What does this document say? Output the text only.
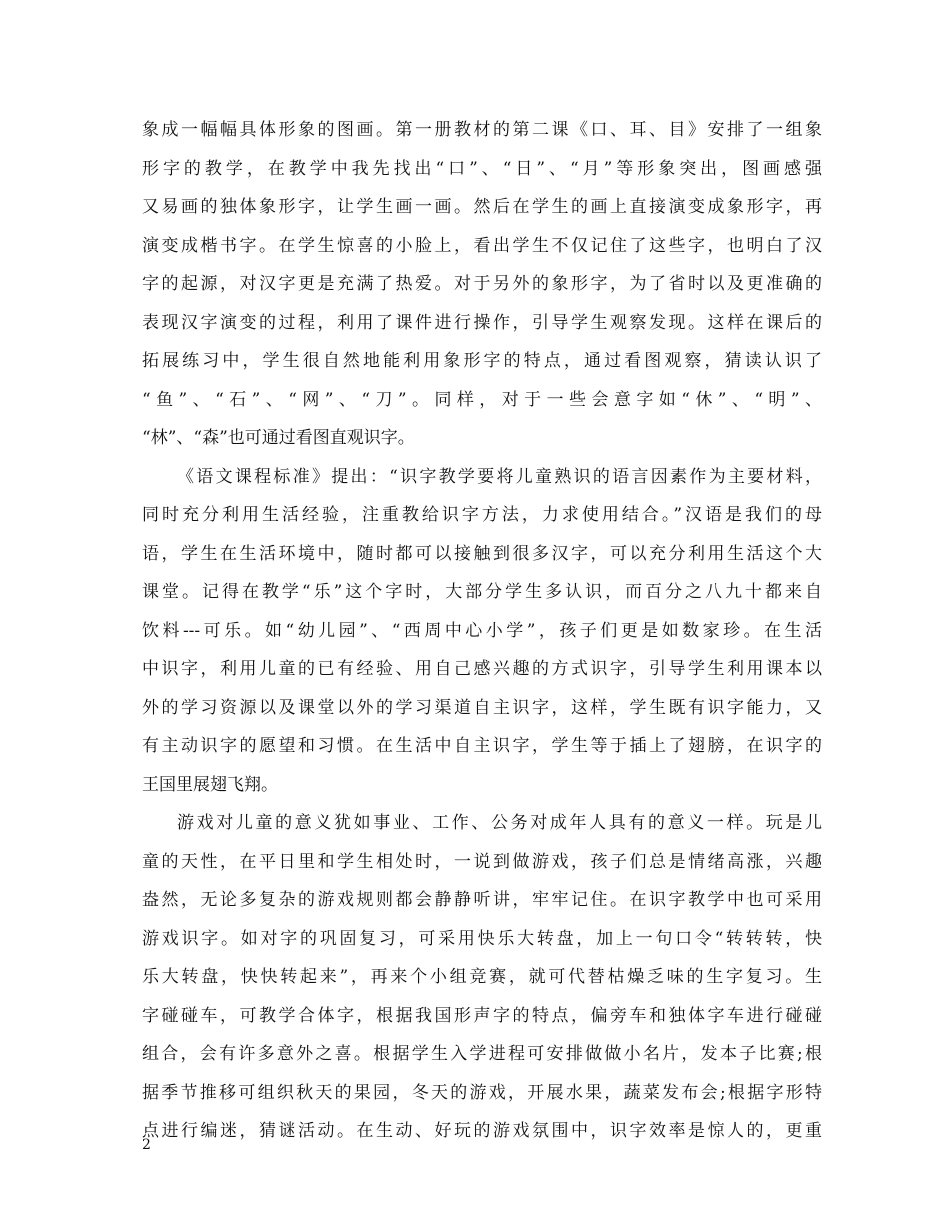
象成一幅幅具体形象的图画。第一册教材的第二课《口、耳、目》安排了一组象
形字的教学，在教学中我先找出“口”、“日”、“月”等形象突出，图画感强
又易画的独体象形字，让学生画一画。然后在学生的画上直接演变成象形字，再
演变成楷书字。在学生惊喜的小脸上，看出学生不仅记住了这些字，也明白了汉
字的起源，对汉字更是充满了热爱。对于另外的象形字，为了省时以及更准确的
表现汉字演变的过程，利用了课件进行操作，引导学生观察发现。这样在课后的
拓展练习中，学生很自然地能利用象形字的特点，通过看图观察，猜读认识了
“鱼”、“石”、“网”、“刀”。同样，对于一些会意字如“休”、“明”、
“林”、“森”也可通过看图直观识字。
《语文课程标准》提出：“识字教学要将儿童熟识的语言因素作为主要材料，
同时充分利用生活经验，注重教给识字方法，力求使用结合。”汉语是我们的母
语，学生在生活环境中，随时都可以接触到很多汉字，可以充分利用生活这个大
课堂。记得在教学“乐”这个字时，大部分学生多认识，而百分之八九十都来自
饮料---可乐。如“幼儿园”、“西周中心小学”，孩子们更是如数家珍。在生活
中识字，利用儿童的已有经验、用自己感兴趣的方式识字，引导学生利用课本以
外的学习资源以及课堂以外的学习渠道自主识字，这样，学生既有识字能力，又
有主动识字的愿望和习惯。在生活中自主识字，学生等于插上了翅膀，在识字的
王国里展翅飞翔。
游戏对儿童的意义犹如事业、工作、公务对成年人具有的意义一样。玩是儿
童的天性，在平日里和学生相处时，一说到做游戏，孩子们总是情绪高涨，兴趣
盎然，无论多复杂的游戏规则都会静静听讲，牢牢记住。在识字教学中也可采用
游戏识字。如对字的巩固复习，可采用快乐大转盘，加上一句口令“转转转，快
乐大转盘，快快转起来”，再来个小组竞赛，就可代替枯燥乏味的生字复习。生
字碰碰车，可教学合体字，根据我国形声字的特点，偏旁车和独体字车进行碰碰
组合，会有许多意外之喜。根据学生入学进程可安排做做小名片，发本子比赛;根
据季节推移可组织秋天的果园，冬天的游戏，开展水果，蔬菜发布会;根据字形特
点进行编迷，猜谜活动。在生动、好玩的游戏氛围中，识字效率是惊人的，更重
2
